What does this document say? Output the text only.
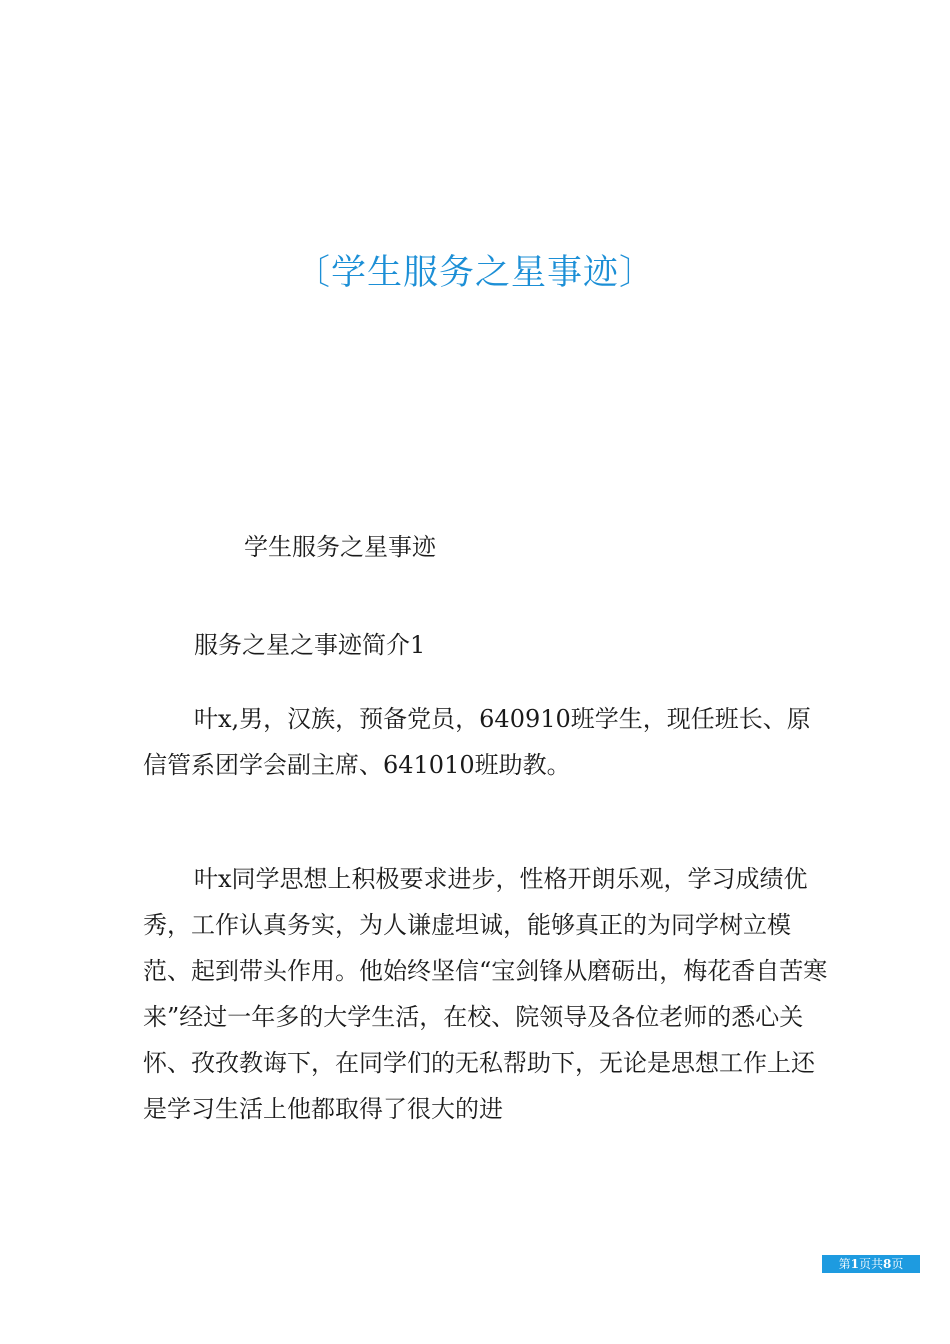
〔学生服务之星事迹〕

学生服务之星事迹

服务之星之事迹简介1

叶x,男，汉族，预备党员，640910班学生，现任班长、原信管系团学会副主席、641010班助教。

叶x同学思想上积极要求进步，性格开朗乐观，学习成绩优秀，工作认真务实，为人谦虚坦诚，能够真正的为同学树立模范、起到带头作用。他始终坚信“宝剑锋从磨砺出，梅花香自苦寒来”经过一年多的大学生活，在校、院领导及各位老师的悉心关怀、孜孜教诲下，在同学们的无私帮助下，无论是思想工作上还是学习生活上他都取得了很大的进

第1页共8页
